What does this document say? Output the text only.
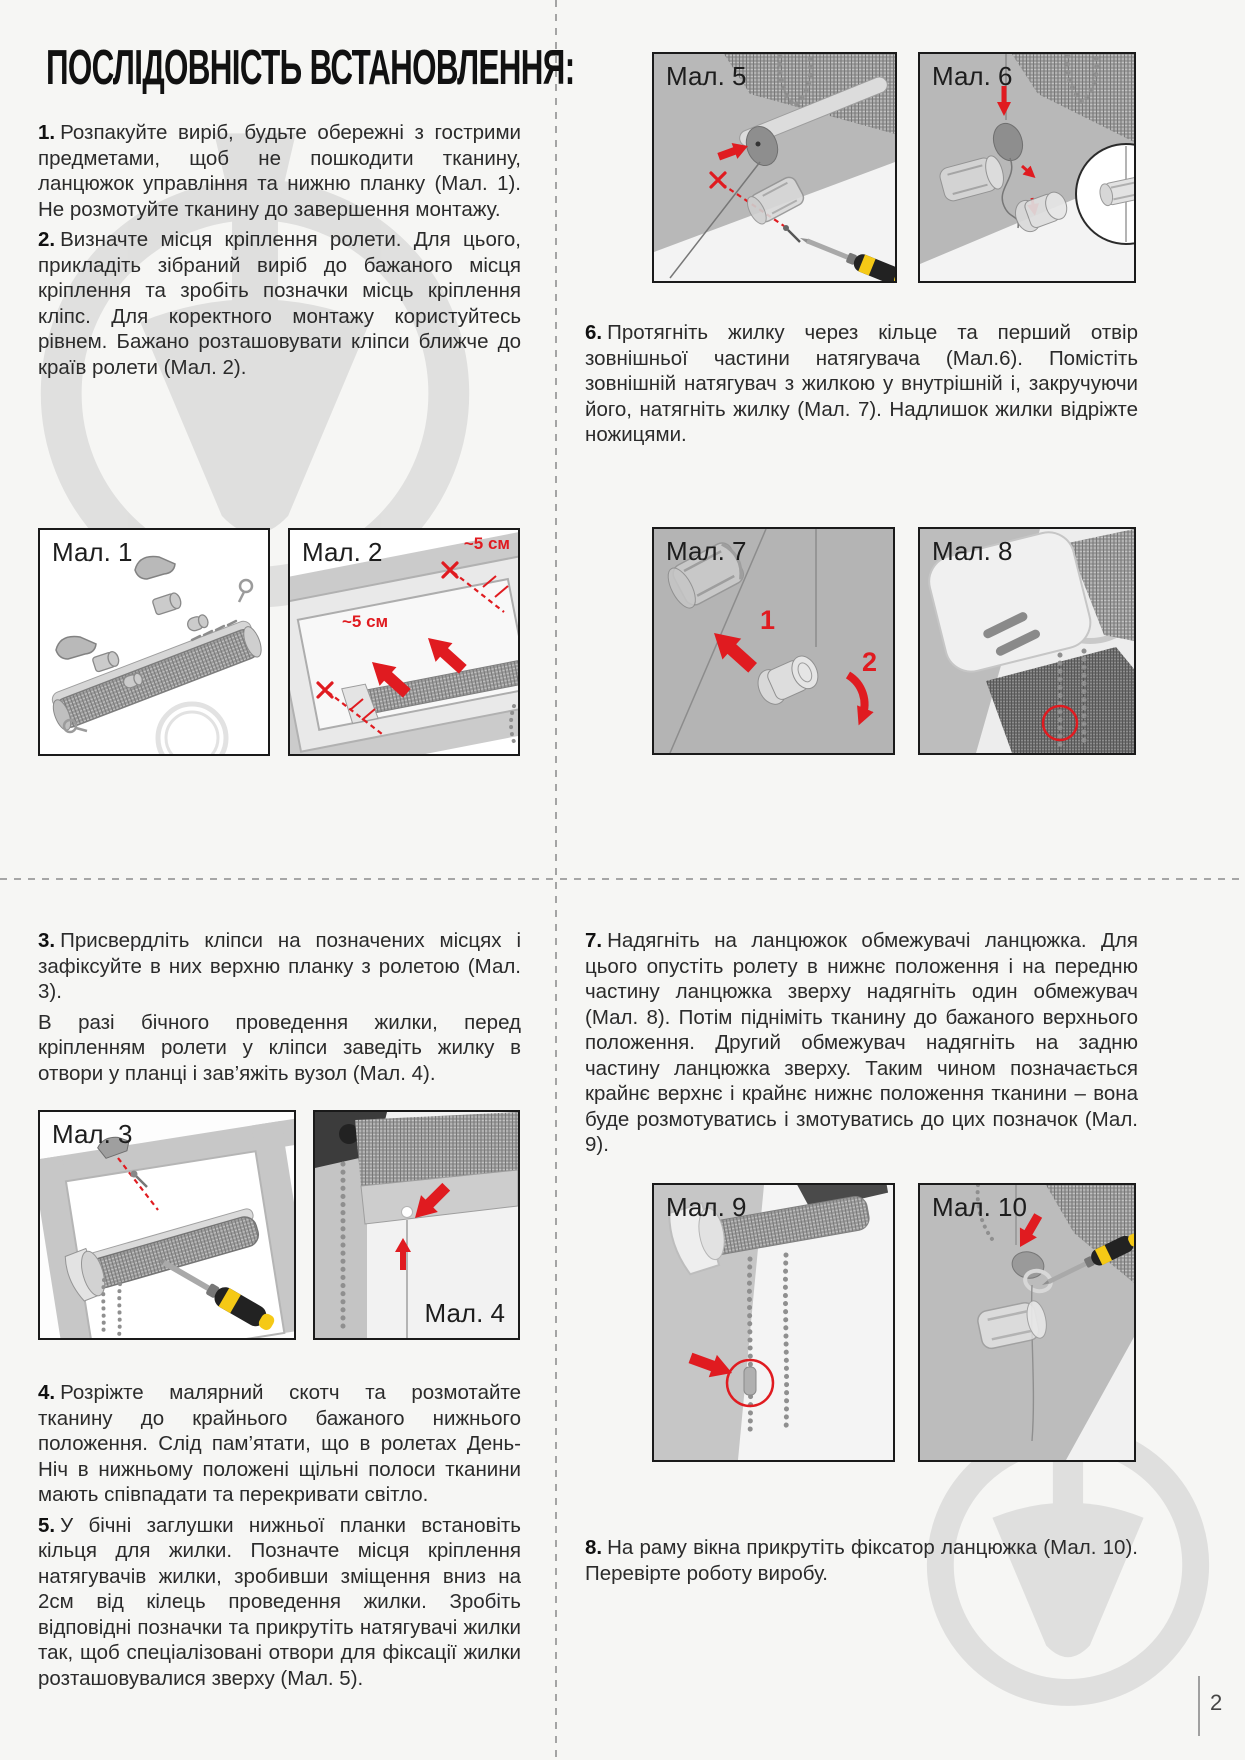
ПОСЛІДОВНІСТЬ ВСТАНОВЛЕННЯ:

1. Розпакуйте виріб, будьте обережні з гострими предметами, щоб не пошкодити тканину, ланцюжок управління та нижню планку (Мал. 1). Не розмотуйте тканину до завершення монтажу.

2. Визначте місця кріплення ролети. Для цього, прикладіть зібраний виріб до бажаного місця кріплення та зробіть позначки місць кріплення кліпс. Для коректного монтажу користуйтесь рівнем. Бажано розташовувати кліпси ближче до країв ролети (Мал. 2).

6. Протягніть жилку через кільце та перший отвір зовнішньої частини натягувача (Мал.6). Помістіть зовнішній натягувач з жилкою у внутрішній і, закручуючи його, натягніть жилку (Мал. 7). Надлишок жилки відріжте ножицями.

3. Присвердліть кліпси на позначених місцях і зафіксуйте в них верхню планку з ролетою (Мал. 3).

В разі бічного проведення жилки, перед кріпленням ролети у кліпси заведіть жилку в отвори у планці і зав’яжіть вузол (Мал. 4).

4. Розріжте малярний скотч та розмотайте тканину до крайнього бажаного нижнього положення. Слід пам’ятати, що в ролетах День-Ніч в нижньому положені щільні полоси тканини мають співпадати та перекривати світло.

5. У бічні заглушки нижньої планки встановіть кільця для жилки. Позначте місця кріплення натягувачів жилки, зробивши зміщення вниз на 2см від кілець проведення жилки. Зробіть відповідні позначки та прикрутіть натягувачі жилки так, щоб спеціалізовані отвори для фіксації жилки розташовувалися зверху (Мал. 5).

7. Надягніть на ланцюжок обмежувачі ланцюжка. Для цього опустіть ролету в нижнє положення і на передню частину ланцюжка зверху надягніть один обмежувач (Мал. 8). Потім підніміть тканину до бажаного верхнього положення. Другий обмежувач надягніть на задню частину ланцюжка зверху. Таким чином позначається крайнє верхнє і крайнє нижнє положення тканини – вона буде розмотуватись і змотуватись до цих позначок (Мал. 9).

8. На раму вікна прикрутіть фіксатор ланцюжка (Мал. 10). Перевірте роботу виробу.

Мал. 1	Мал. 2	~5 см
~5 см
Мал. 5	Мал. 6
Мал. 7
1
2
Мал. 8
Мал. 3
Мал. 4
Мал. 9	Мал. 10
2
